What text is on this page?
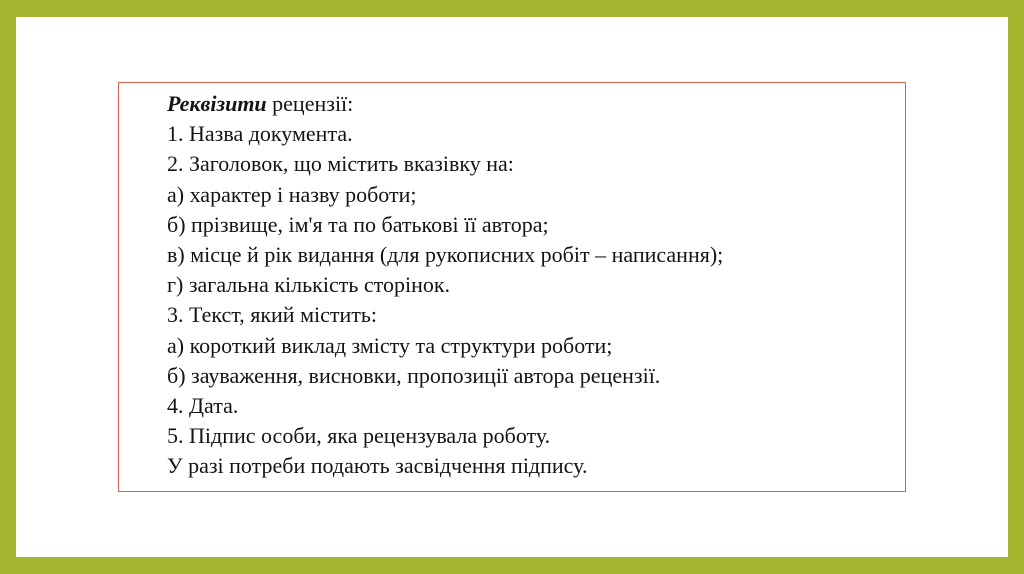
Реквізити рецензії:
1. Назва документа.
2. Заголовок, що містить вказівку на:
а) характер і назву роботи;
б) прізвище, ім'я та по батькові її автора;
в) місце й рік видання (для рукописних робіт – написання);
г) загальна кількість сторінок.
3. Текст, який містить:
а) короткий виклад змісту та структури роботи;
б) зауваження, висновки, пропозиції автора рецензії.
4. Дата.
5. Підпис особи, яка рецензувала роботу.
У разі потреби подають засвідчення підпису.
